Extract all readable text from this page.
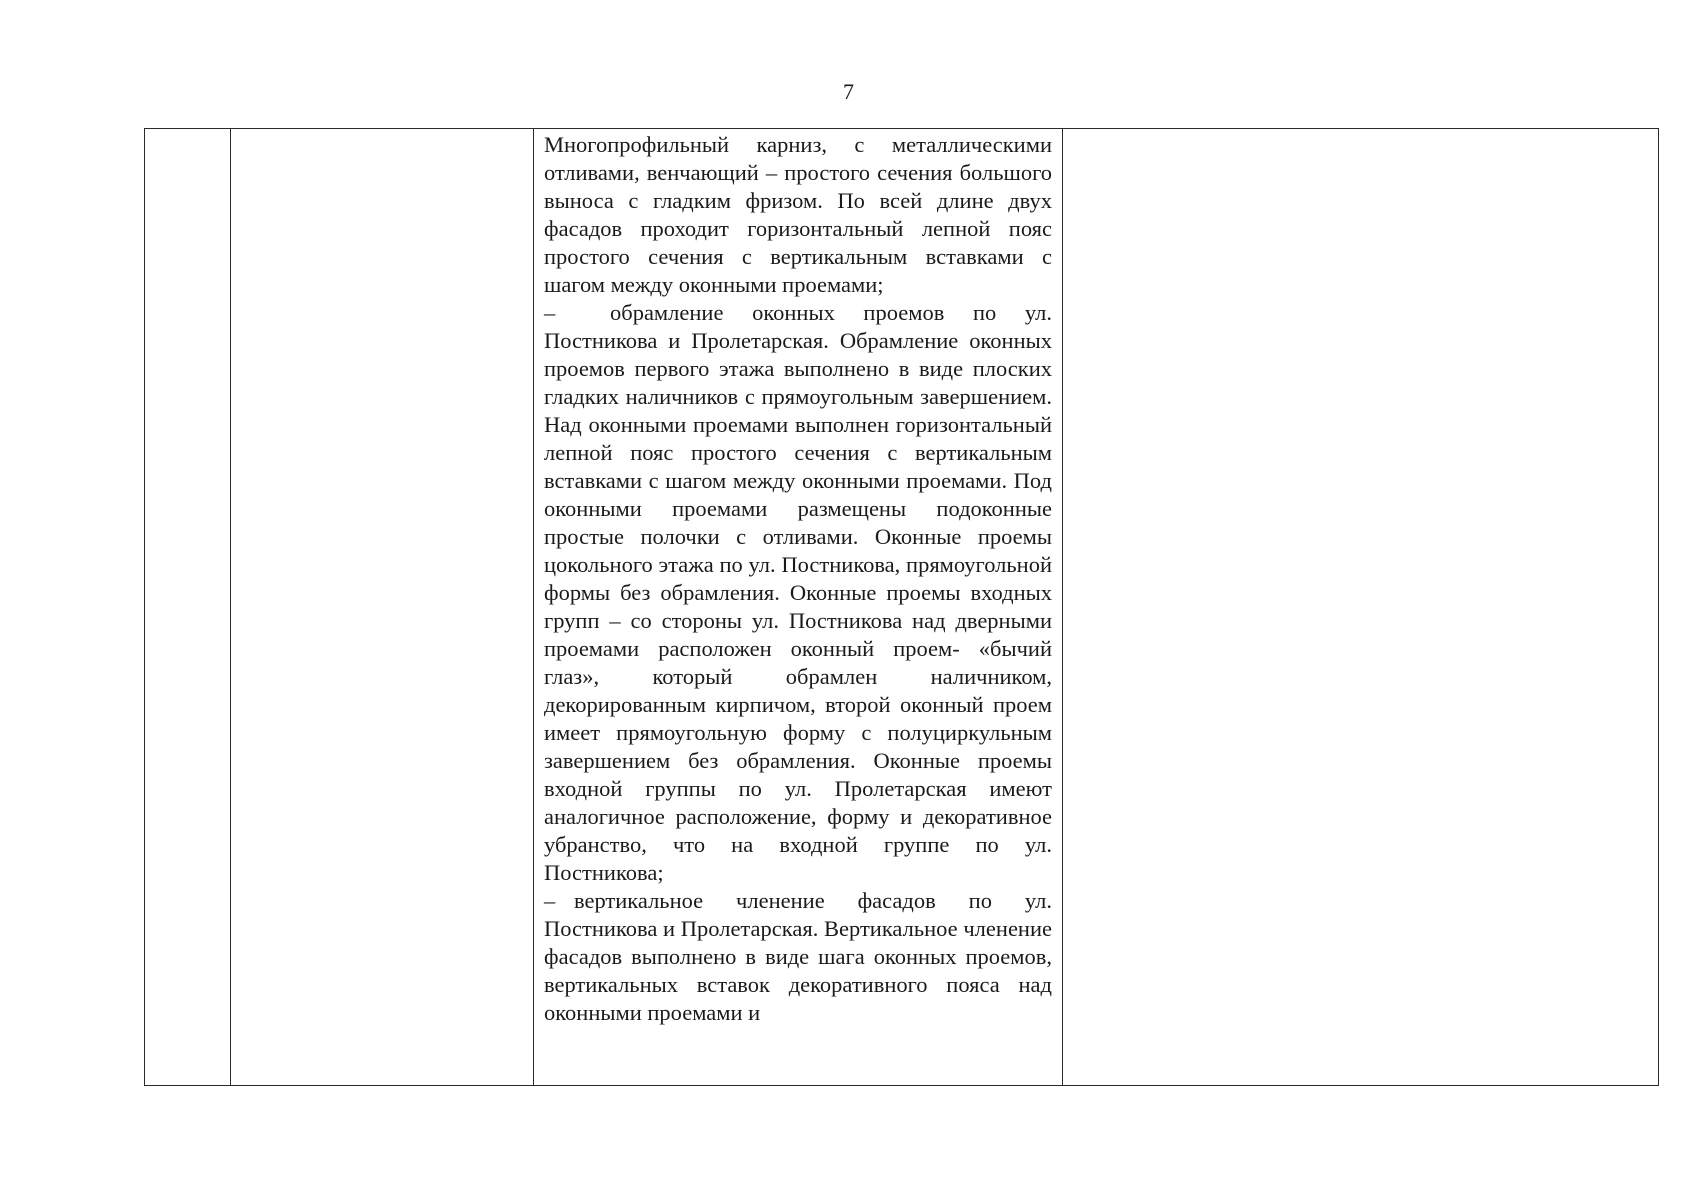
7

Многопрофильный карниз, с металлическими отливами, венчающий – простого сечения большого выноса с гладким фризом. По всей длине двух фасадов проходит горизонтальный лепной пояс простого сечения с вертикальным вставками с шагом между оконными проемами;

– обрамление оконных проемов по ул. Постникова и Пролетарская. Обрамление оконных проемов первого этажа выполнено в виде плоских гладких наличников с прямоугольным завершением. Над оконными проемами выполнен горизонтальный лепной пояс простого сечения с вертикальным вставками с шагом между оконными проемами. Под оконными проемами размещены подоконные простые полочки с отливами. Оконные проемы цокольного этажа по ул. Постникова, прямоугольной формы без обрамления. Оконные проемы входных групп – со стороны ул. Постникова над дверными проемами расположен оконный проем- «бычий глаз», который обрамлен наличником, декорированным кирпичом, второй оконный проем имеет прямоугольную форму с полуциркульным завершением без обрамления. Оконные проемы входной группы по ул. Пролетарская имеют аналогичное расположение, форму и декоративное убранство, что на входной группе по ул. Постникова;

– вертикальное членение фасадов по ул. Постникова и Пролетарская. Вертикальное членение фасадов выполнено в виде шага оконных проемов, вертикальных вставок декоративного пояса над оконными проемами и
